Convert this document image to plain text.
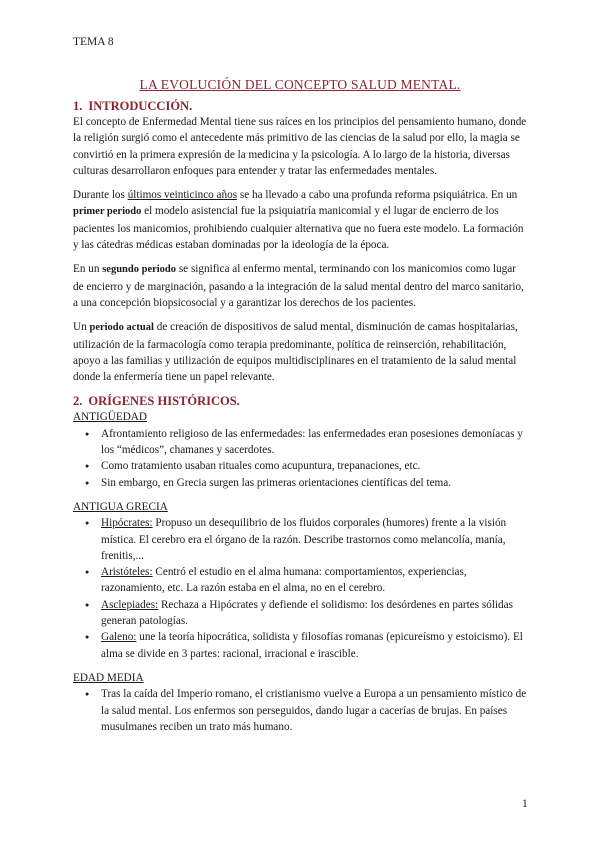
TEMA 8
LA EVOLUCIÓN DEL CONCEPTO SALUD MENTAL.
1. INTRODUCCIÓN.

El concepto de Enfermedad Mental tiene sus raíces en los principios del pensamiento humano, donde la religión surgió como el antecedente más primitivo de las ciencias de la salud por ello, la magia se convirtió en la primera expresión de la medicina y la psicología. A lo largo de la historia, diversas culturas desarrollaron enfoques para entender y tratar las enfermedades mentales.

Durante los últimos veinticinco años se ha llevado a cabo una profunda reforma psiquiátrica. En un primer periodo el modelo asistencial fue la psiquiatría manicomial y el lugar de encierro de los pacientes los manicomios, prohibiendo cualquier alternativa que no fuera este modelo. La formación y las cátedras médicas estaban dominadas por la ideología de la época.

En un segundo periodo se significa al enfermo mental, terminando con los manicomios como lugar de encierro y de marginación, pasando a la integración de la salud mental dentro del marco sanitario, a una concepción biopsicosocial y a garantizar los derechos de los pacientes.

Un periodo actual de creación de dispositivos de salud mental, disminución de camas hospitalarias, utilización de la farmacología como terapia predominante, política de reinserción, rehabilitación, apoyo a las familias y utilización de equipos multidisciplinares en el tratamiento de la salud mental donde la enfermería tiene un papel relevante.

2. ORÍGENES HISTÓRICOS.
ANTIGÜEDAD
● Afrontamiento religioso de las enfermedades: las enfermedades eran posesiones demoníacas y los “médicos”, chamanes y sacerdotes.
● Como tratamiento usaban rituales como acupuntura, trepanaciones, etc.
● Sin embargo, en Grecia surgen las primeras orientaciones científicas del tema.
ANTIGUA GRECIA
● Hipócrates: Propuso un desequilibrio de los fluidos corporales (humores) frente a la visión mística. El cerebro era el órgano de la razón. Describe trastornos como melancolía, manía, frenitis,...
● Aristóteles: Centró el estudio en el alma humana: comportamientos, experiencias, razonamiento, etc. La razón estaba en el alma, no en el cerebro.
● Asclepiades: Rechaza a Hipócrates y defiende el solidismo: los desórdenes en partes sólidas generan patologías.
● Galeno: une la teoría hipocrática, solidista y filosofías romanas (epicureísmo y estoicismo). El alma se divide en 3 partes: racional, irracional e irascible.
EDAD MEDIA
● Tras la caída del Imperio romano, el cristianismo vuelve a Europa a un pensamiento místico de la salud mental. Los enfermos son perseguidos, dando lugar a cacerías de brujas. En países musulmanes reciben un trato más humano.
1
